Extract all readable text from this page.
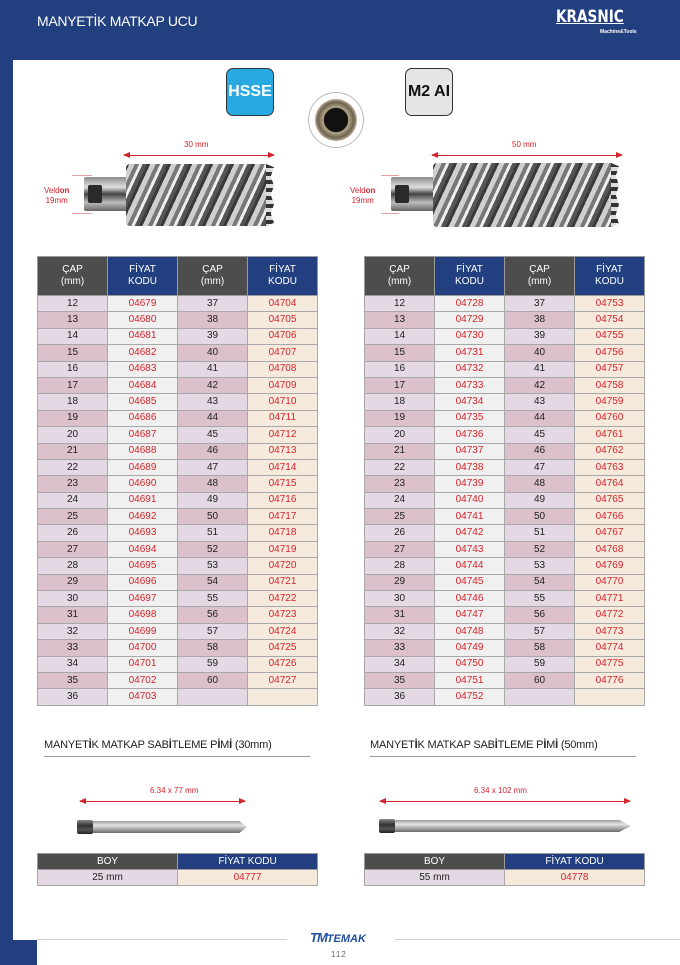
MANYETİK MATKAP UCU	KRASNIC
Machine&Tools
HSSE	M2 AI
30 mm
Veldon
19mm
50 mm
Veldon
19mm
ÇAP
(mm)	FİYAT
KODU	ÇAP
(mm)	FİYAT
KODU
12	04679	37	04704
13	04680	38	04705
14	04681	39	04706
15	04682	40	04707
16	04683	41	04708
17	04684	42	04709
18	04685	43	04710
19	04686	44	04711
20	04687	45	04712
21	04688	46	04713
22	04689	47	04714
23	04690	48	04715
24	04691	49	04716
25	04692	50	04717
26	04693	51	04718
27	04694	52	04719
28	04695	53	04720
29	04696	54	04721
30	04697	55	04722
31	04698	56	04723
32	04699	57	04724
33	04700	58	04725
34	04701	59	04726
35	04702	60	04727
36	04703		
ÇAP
(mm)	FİYAT
KODU	ÇAP
(mm)	FİYAT
KODU
12	04728	37	04753
13	04729	38	04754
14	04730	39	04755
15	04731	40	04756
16	04732	41	04757
17	04733	42	04758
18	04734	43	04759
19	04735	44	04760
20	04736	45	04761
21	04737	46	04762
22	04738	47	04763
23	04739	48	04764
24	04740	49	04765
25	04741	50	04766
26	04742	51	04767
27	04743	52	04768
28	04744	53	04769
29	04745	54	04770
30	04746	55	04771
31	04747	56	04772
32	04748	57	04773
33	04749	58	04774
34	04750	59	04775
35	04751	60	04776
36	04752		
MANYETİK MATKAP SABİTLEME PİMİ (30mm)
6.34 x 77 mm
MANYETİK MATKAP SABİTLEME PİMİ (50mm)
6.34 x 102 mm
BOY	FİYAT KODU
25 mm	04777
BOY	FİYAT KODU
55 mm	04778
TMTEMAK
112
